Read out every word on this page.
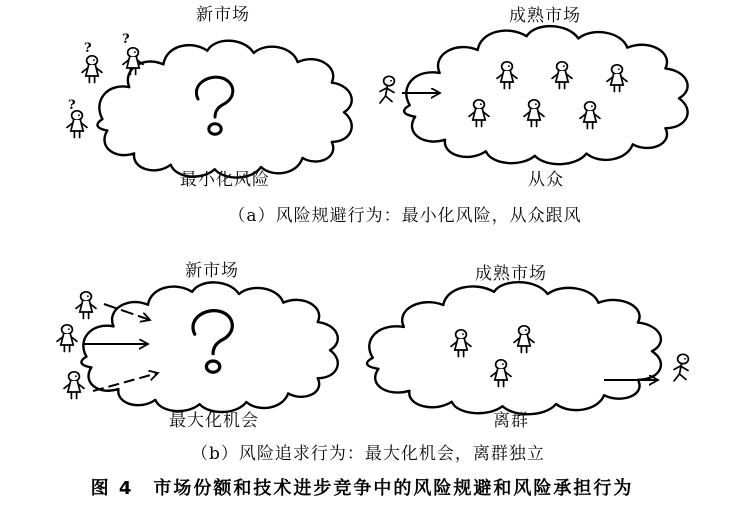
?
?
?
新市场	成熟市场
最小化风险	从众
（a）风险规避行为：最小化风险，从众跟风
新市场	成熟市场
最大化机会	离群
（b）风险追求行为：最大化机会，离群独立
图 4　市场份额和技术进步竞争中的风险规避和风险承担行为
